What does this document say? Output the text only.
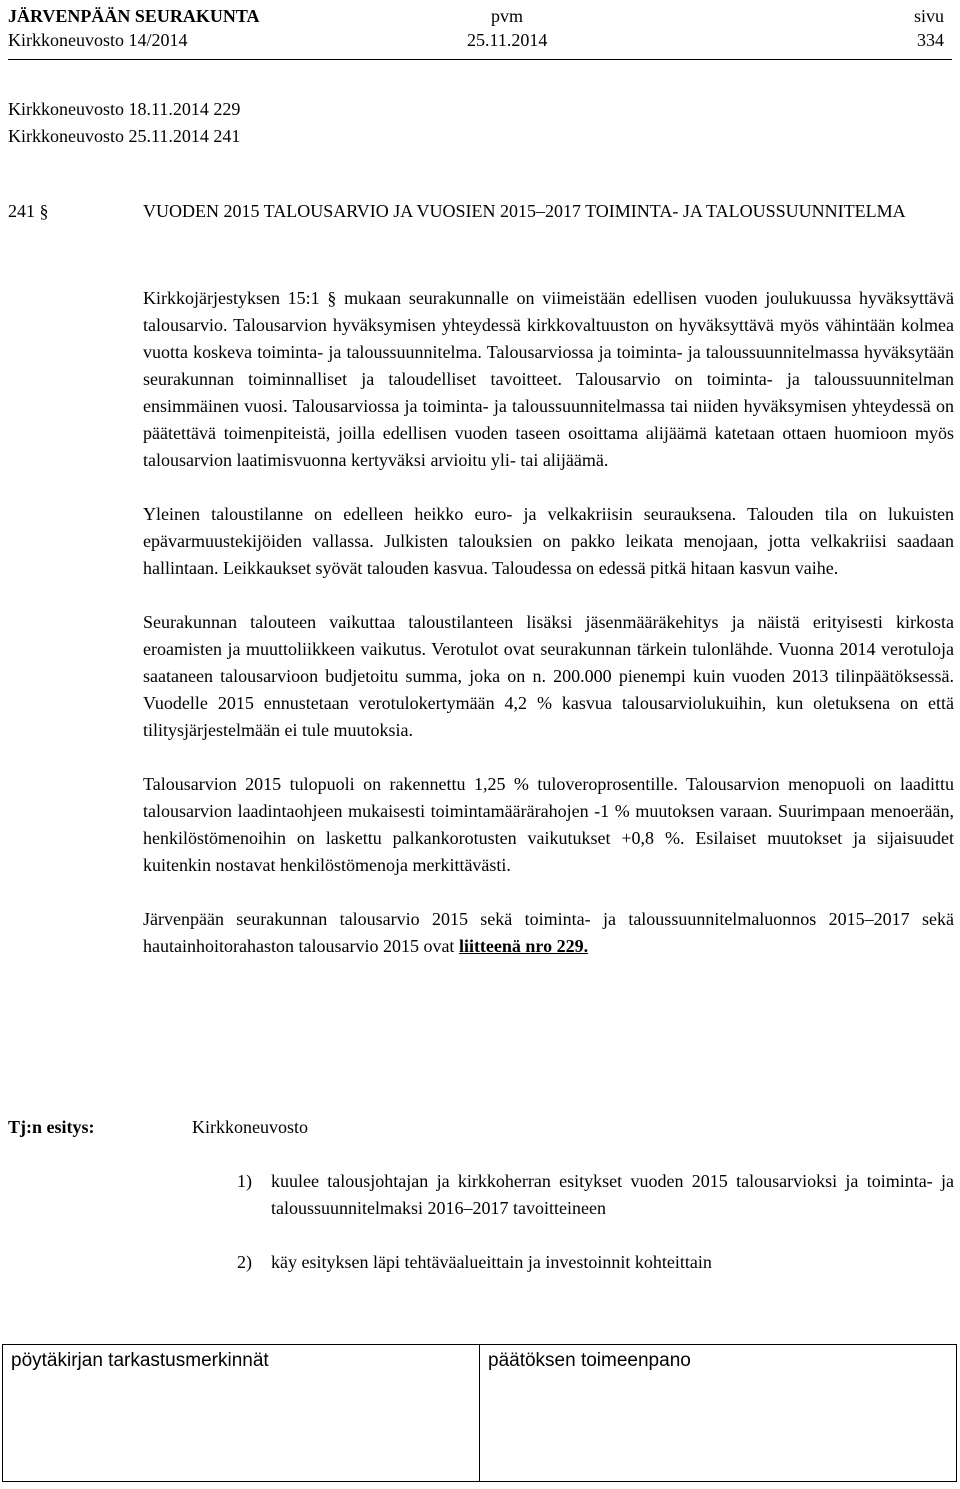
JÄRVENPÄÄN SEURAKUNTA	pvm	sivu
Kirkkoneuvosto 14/2014	25.11.2014	334
Kirkkoneuvosto 18.11.2014 229
Kirkkoneuvosto 25.11.2014 241
241 §	VUODEN 2015 TALOUSARVIO JA VUOSIEN 2015–2017 TOIMINTA- JA TALOUSSUUNNITELMA

Kirkkojärjestyksen 15:1 § mukaan seurakunnalle on viimeistään edellisen vuoden joulukuussa hyväksyttävä talousarvio. Talousarvion hyväksymisen yhteydessä kirkkovaltuuston on hyväksyttävä myös vähintään kolmea vuotta koskeva toiminta- ja taloussuunnitelma. Talousarviossa ja toiminta- ja taloussuunnitelmassa hyväksytään seurakunnan toiminnalliset ja taloudelliset tavoitteet. Talousarvio on toiminta- ja taloussuunnitelman ensimmäinen vuosi. Talousarviossa ja toiminta- ja taloussuunnitelmassa tai niiden hyväksymisen yhteydessä on päätettävä toimenpiteistä, joilla edellisen vuoden taseen osoittama alijäämä katetaan ottaen huomioon myös talousarvion laatimisvuonna kertyväksi arvioitu yli- tai alijäämä.

Yleinen taloustilanne on edelleen heikko euro- ja velkakriisin seurauksena. Talouden tila on lukuisten epävarmuustekijöiden vallassa. Julkisten talouksien on pakko leikata menojaan, jotta velkakriisi saadaan hallintaan. Leikkaukset syövät talouden kasvua. Taloudessa on edessä pitkä hitaan kasvun vaihe.

Seurakunnan talouteen vaikuttaa taloustilanteen lisäksi jäsenmääräkehitys ja näistä erityisesti kirkosta eroamisten ja muuttoliikkeen vaikutus. Verotulot ovat seurakunnan tärkein tulonlähde. Vuonna 2014 verotuloja saataneen talousarvioon budjetoitu summa, joka on n. 200.000 pienempi kuin vuoden 2013 tilinpäätöksessä. Vuodelle 2015 ennustetaan verotulokertymään 4,2 % kasvua talousarviolukuihin, kun oletuksena on että tilitysjärjestelmään ei tule muutoksia.

Talousarvion 2015 tulopuoli on rakennettu 1,25 % tuloveroprosentille. Talousarvion menopuoli on laadittu talousarvion laadintaohjeen mukaisesti toimintamäärärahojen -1 % muutoksen varaan. Suurimpaan menoerään, henkilöstömenoihin on laskettu palkankorotusten vaikutukset +0,8 %. Esilaiset muutokset ja sijaisuudet kuitenkin nostavat henkilöstömenoja merkittävästi.

Järvenpään seurakunnan talousarvio 2015 sekä toiminta- ja taloussuunnitelmaluonnos 2015–2017 sekä hautainhoitorahaston talousarvio 2015 ovat liitteenä nro 229.

Tj:n esitys:	Kirkkoneuvosto
1) kuulee talousjohtajan ja kirkkoherran esitykset vuoden 2015 talousarvioksi ja toiminta- ja taloussuunnitelmaksi 2016–2017 tavoitteineen
2) käy esityksen läpi tehtäväalueittain ja investoinnit kohteittain
pöytäkirjan tarkastusmerkinnät	päätöksen toimeenpano
